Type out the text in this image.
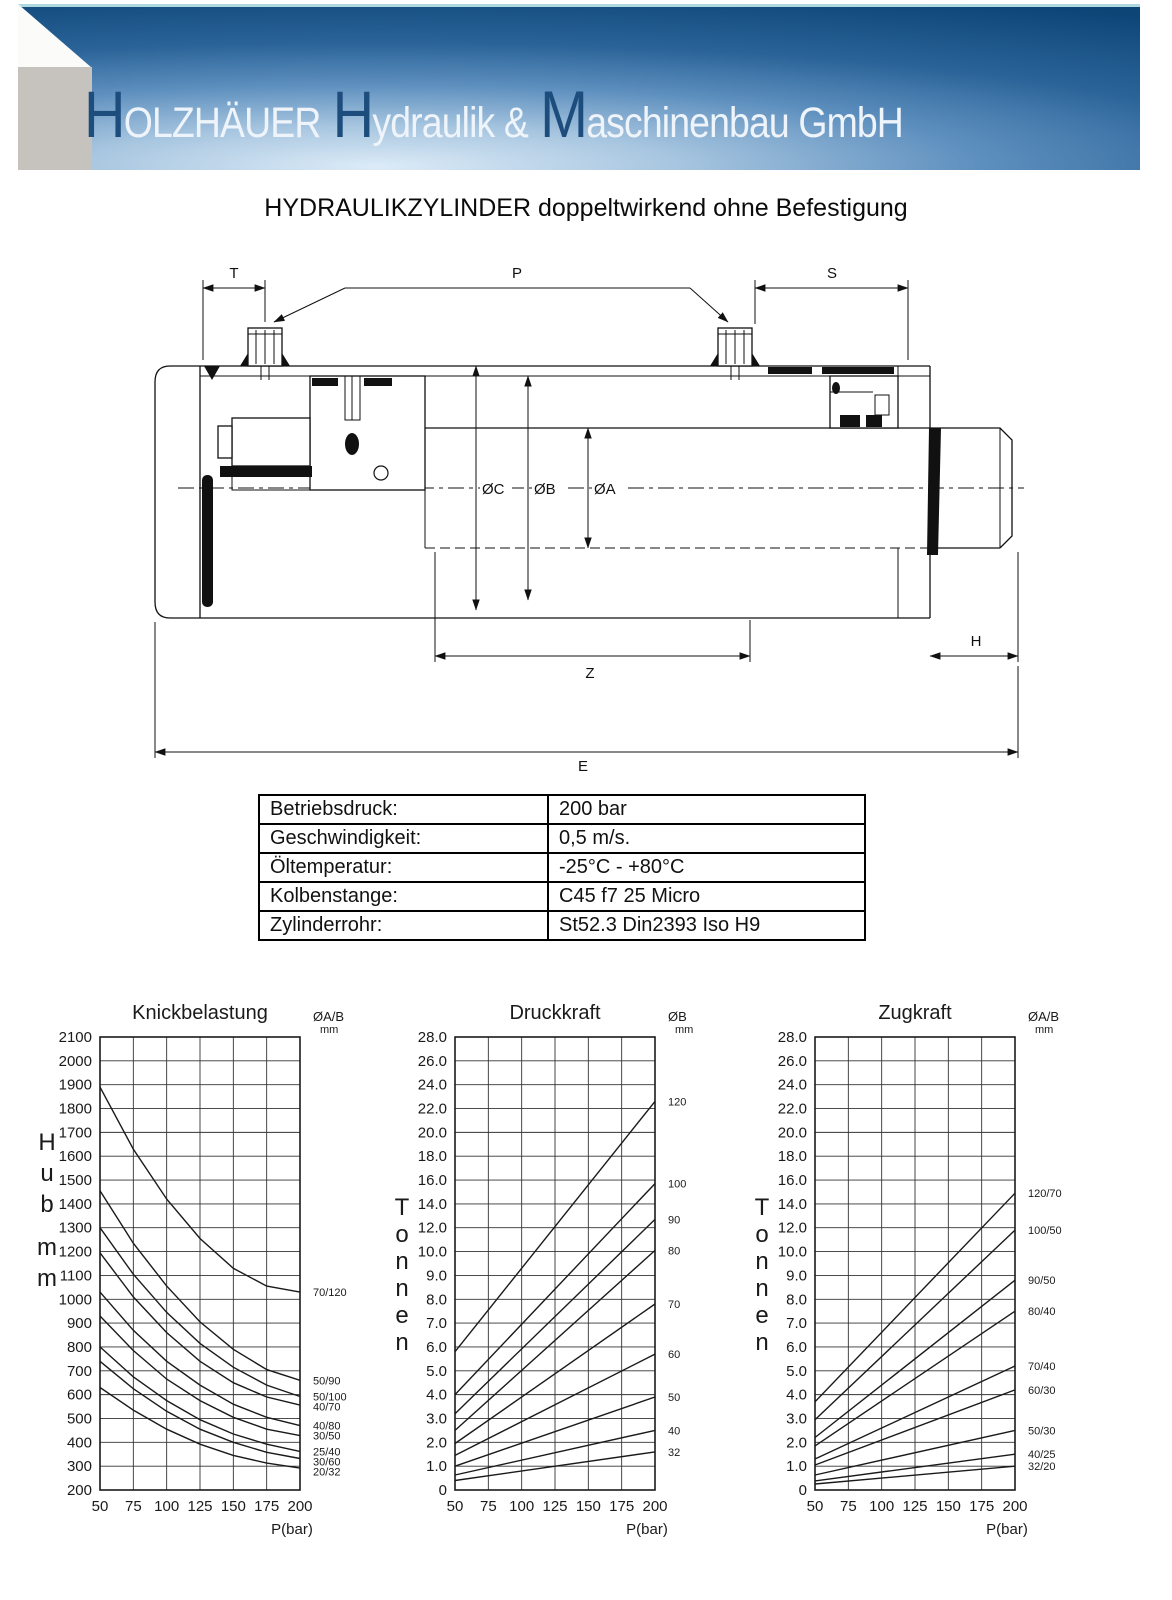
HOLZHÄUER Hydraulik & Maschinenbau GmbH
HYDRAULIKZYLINDER doppeltwirkend ohne Befestigung
T	P	S
ØC ØB	ØA
Z
H
E
Betriebsdruck:	200 bar
Geschwindigkeit:	0,5 m/s.
Öltemperatur:	-25°C - +80°C
Kolbenstange:	C45 f7 25 Micro
Zylinderrohr:	St52.3 Din2393 Iso H9
Knickbelastung	ØA/B
mm
2100
2000
1900
1800
1700
1600
1500
1400
1300
1200
1100
1000
900
800
700
600
500
400
300
200
50 75 100 125 150 175 200
P(bar)
H
u
b
m
m
70/120
50/90
50/100
40/70
40/80
30/50
25/40
30/60
20/32
Druckkraft	ØB
mm
28.0
26.0
24.0
22.0
20.0
18.0
16.0
14.0
12.0
10.0
9.0
8.0
7.0
6.0
5.0
4.0
3.0
2.0
1.0
0
50 75 100 125 150 175 200
P(bar)
T
o
n
n
e
n
120
100
90
80
70
60
50
40
32
Zugkraft	ØA/B
mm
28.0
26.0
24.0
22.0
20.0
18.0
16.0
14.0
12.0
10.0
9.0
8.0
7.0
6.0
5.0
4.0
3.0
2.0
1.0
0
50 75 100 125 150 175 200
P(bar)
T
o
n
n
e
n
120/70
100/50
90/50
80/40
70/40
60/30
50/30
40/25
32/20
